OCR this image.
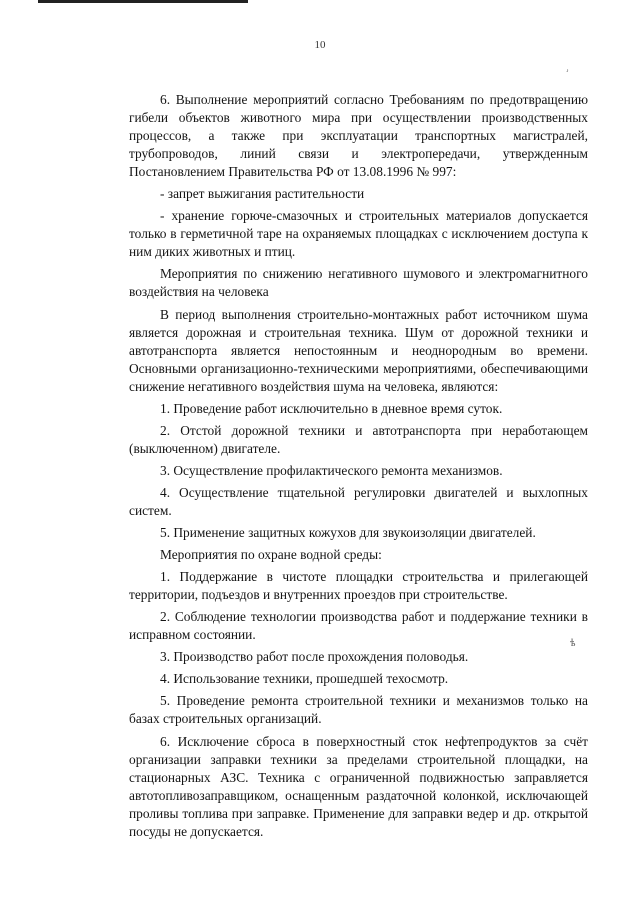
10
ۥ
ѣ

6. Выполнение мероприятий согласно Требованиям по предотвращению гибели объектов животного мира при осуществлении производственных процессов, а также при эксплуатации транспортных магистралей, трубопроводов, линий связи и электропередачи, утвержденным Постановлением Правительства РФ от 13.08.1996 № 997:

- запрет выжигания растительности

- хранение горюче-смазочных и строительных материалов допускается только в герметичной таре на охраняемых площадках с исключением доступа к ним диких животных и птиц.

Мероприятия по снижению негативного шумового и электромагнитного воздействия на человека

В период выполнения строительно-монтажных работ источником шума является дорожная и строительная техника. Шум от дорожной техники и автотранспорта является непостоянным и неоднородным во времени. Основными организационно-техническими мероприятиями, обеспечивающими снижение негативного воздействия шума на человека, являются:

1. Проведение работ исключительно в дневное время суток.

2. Отстой дорожной техники и автотранспорта при неработающем (выключенном) двигателе.

3. Осуществление профилактического ремонта механизмов.

4. Осуществление тщательной регулировки двигателей и выхлопных систем.

5. Применение защитных кожухов для звукоизоляции двигателей.

Мероприятия по охране водной среды:

1. Поддержание в чистоте площадки строительства и прилегающей территории, подъездов и внутренних проездов при строительстве.

2. Соблюдение технологии производства работ и поддержание техники в исправном состоянии.

3. Производство работ после прохождения половодья.

4. Использование техники, прошедшей техосмотр.

5. Проведение ремонта строительной техники и механизмов только на базах строительных организаций.

6. Исключение сброса в поверхностный сток нефтепродуктов за счёт организации заправки техники за пределами строительной площадки, на стационарных АЗС. Техника с ограниченной подвижностью заправляется автотопливозаправщиком, оснащенным раздаточной колонкой, исключающей проливы топлива при заправке. Применение для заправки ведер и др. открытой посуды не допускается.
